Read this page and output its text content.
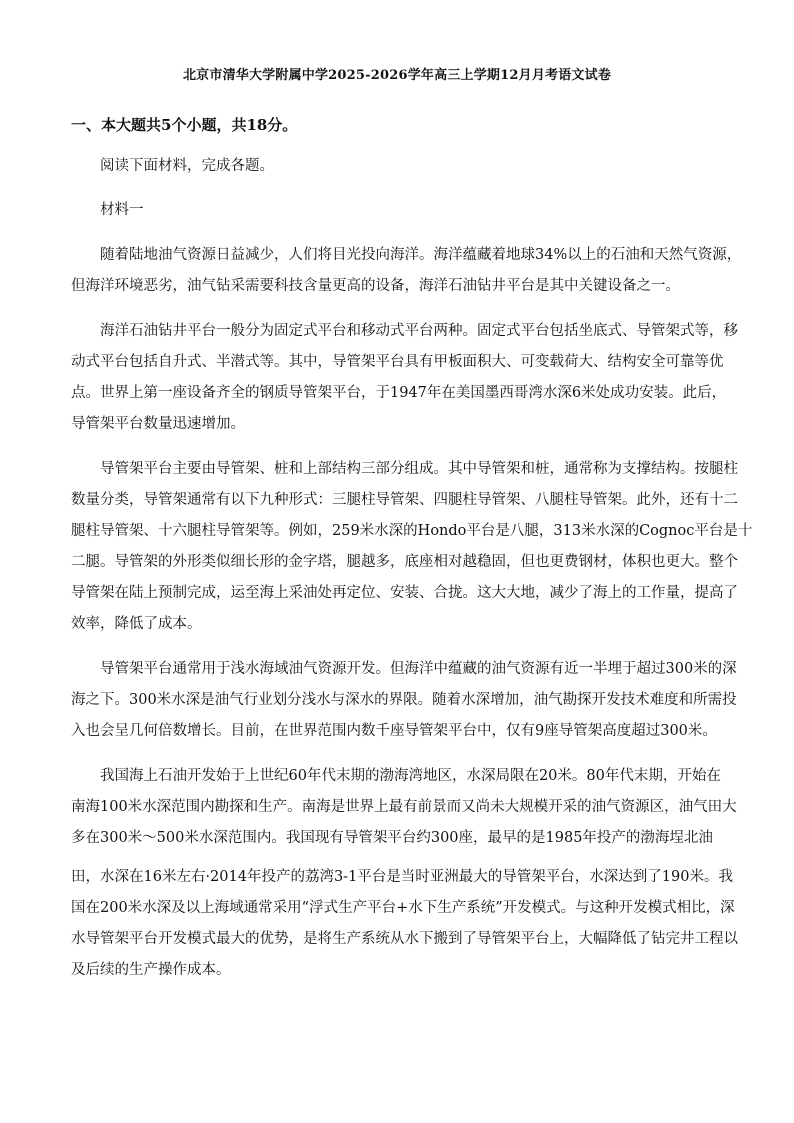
北京市清华大学附属中学2025-2026学年高三上学期12月月考语文试卷
一、本大题共5个小题，共18分。
阅读下面材料，完成各题。
材料一
随着陆地油气资源日益减少，人们将目光投向海洋。海洋蕴藏着地球34%以上的石油和天然气资源，
但海洋环境恶劣，油气钻采需要科技含量更高的设备，海洋石油钻井平台是其中关键设备之一。
海洋石油钻井平台一般分为固定式平台和移动式平台两种。固定式平台包括坐底式、导管架式等，移
动式平台包括自升式、半潜式等。其中，导管架平台具有甲板面积大、可变载荷大、结构安全可靠等优
点。世界上第一座设备齐全的钢质导管架平台，于1947年在美国墨西哥湾水深6米处成功安装。此后，
导管架平台数量迅速增加。
导管架平台主要由导管架、桩和上部结构三部分组成。其中导管架和桩，通常称为支撑结构。按腿柱
数量分类，导管架通常有以下九种形式：三腿柱导管架、四腿柱导管架、八腿柱导管架。此外，还有十二
腿柱导管架、十六腿柱导管架等。例如，259米水深的Hondo平台是八腿，313米水深的Cognoc平台是十
二腿。导管架的外形类似细长形的金字塔，腿越多，底座相对越稳固，但也更费钢材，体积也更大。整个
导管架在陆上预制完成，运至海上采油处再定位、安装、合拢。这大大地，减少了海上的工作量，提高了
效率，降低了成本。
导管架平台通常用于浅水海域油气资源开发。但海洋中蕴藏的油气资源有近一半埋于超过300米的深
海之下。300米水深是油气行业划分浅水与深水的界限。随着水深增加，油气勘探开发技术难度和所需投
入也会呈几何倍数增长。目前，在世界范围内数千座导管架平台中，仅有9座导管架高度超过300米。
我国海上石油开发始于上世纪60年代末期的渤海湾地区，水深局限在20米。80年代末期，开始在
南海100米水深范围内勘探和生产。南海是世界上最有前景而又尚未大规模开采的油气资源区，油气田大
多在300米～500米水深范围内。我国现有导管架平台约300座，最早的是1985年投产的渤海埕北油
田，水深在16米左右·2014年投产的荔湾3-1平台是当时亚洲最大的导管架平台，水深达到了190米。我
国在200米水深及以上海域通常采用“浮式生产平台+水下生产系统”开发模式。与这种开发模式相比，深
水导管架平台开发模式最大的优势，是将生产系统从水下搬到了导管架平台上，大幅降低了钻完井工程以
及后续的生产操作成本。
